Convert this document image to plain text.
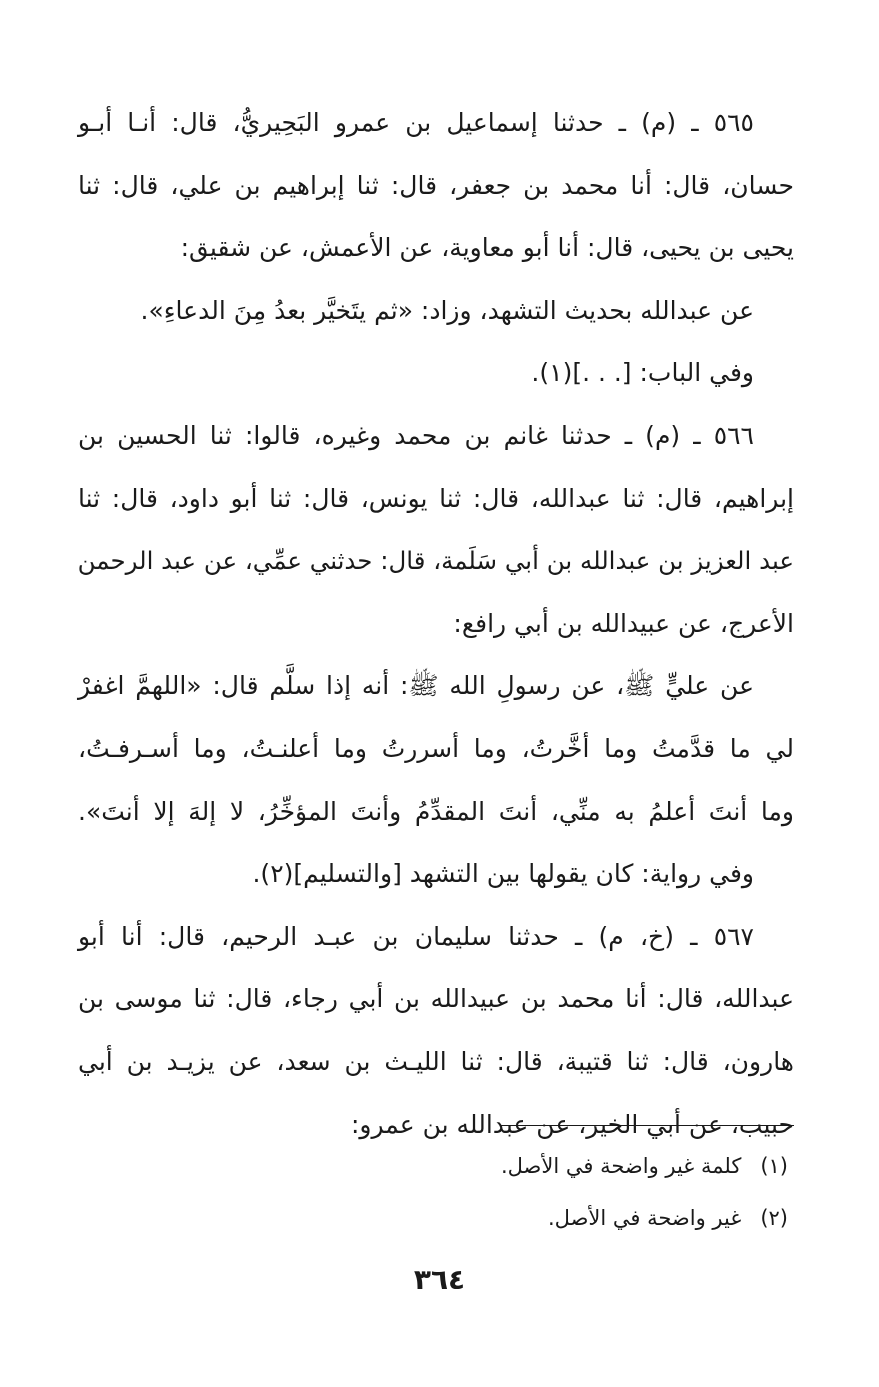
٥٦٥ ـ (م) ـ حدثنا إسماعيل بن عمرو البَحِيريُّ، قال: أنـا أبـو
حسان، قال: أنا محمد بن جعفر، قال: ثنا إبراهيم بن علي، قال: ثنا
يحيى بن يحيى، قال: أنا أبو معاوية، عن الأعمش، عن شقيق:
عن عبدالله بحديث التشهد، وزاد: «ثم يتَخيَّر بعدُ مِنَ الدعاءِ».
وفي الباب: [. . .](١).
٥٦٦ ـ (م) ـ حدثنا غانم بن محمد وغيره، قالوا: ثنا الحسين بن
إبراهيم، قال: ثنا عبدالله، قال: ثنا يونس، قال: ثنا أبو داود، قال: ثنا
عبد العزيز بن عبدالله بن أبي سَلَمة، قال: حدثني عمِّي، عن عبد الرحمن
الأعرج، عن عبيدالله بن أبي رافع:
عن عليٍّ ﷺ، عن رسولِ الله ﷺ: أنه إذا سلَّم قال: «اللهمَّ اغفرْ
لي ما قدَّمتُ وما أخَّرتُ، وما أسررتُ وما أعلنـتُ، وما أسـرفـتُ،
وما أنتَ أعلمُ به منِّي، أنتَ المقدِّمُ وأنتَ المؤخِّرُ، لا إلهَ إلا أنتَ».
وفي رواية: كان يقولها بين التشهد [والتسليم](٢).
٥٦٧ ـ (خ، م) ـ حدثنا سليمان بن عبـد الرحيم، قال: أنا أبو
عبدالله، قال: أنا محمد بن عبيدالله بن أبي رجاء، قال: ثنا موسى بن
هارون، قال: ثنا قتيبة، قال: ثنا الليـث بن سعد، عن يزيـد بن أبي
حبيب، عن أبي الخير، عن عبدالله بن عمرو:
(١) كلمة غير واضحة في الأصل.
(٢) غير واضحة في الأصل.
٣٦٤
